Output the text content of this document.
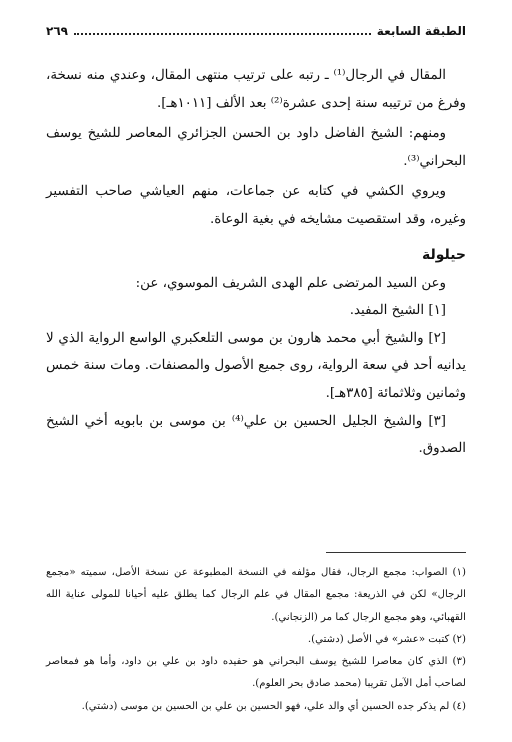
الطبقة السابعة
٢٦٩

المقال في الرجال⁽¹⁾ ـ رتبه على ترتيب منتهى المقال، وعندي منه نسخة، وفرغ من ترتيبه سنة إحدى عشرة⁽²⁾ بعد الألف [١٠١١هـ].

ومنهم: الشيخ الفاضل داود بن الحسن الجزائري المعاصر للشيخ يوسف البحراني⁽³⁾.

ويروي الكشي في كتابه عن جماعات، منهم العياشي صاحب التفسير وغيره، وقد استقصيت مشايخه في بغية الوعاة.

حيلولة

وعن السيد المرتضى علم الهدى الشريف الموسوي، عن:

[١] الشيخ المفيد.

[٢] والشيخ أبي محمد هارون بن موسى التلعكبري الواسع الرواية الذي لا يدانيه أحد في سعة الرواية، روى جميع الأصول والمصنفات. ومات سنة خمس وثمانين وثلاثمائة [٣٨٥هـ].

[٣] والشيخ الجليل الحسين بن علي⁽⁴⁾ بن موسى بن بابويه أخي الشيخ الصدوق.

(١) الصواب: مجمع الرجال، فقال مؤلفه في النسخة المطبوعة عن نسخة الأصل، سميته «مجمع الرجال» لكن في الذريعة: مجمع المقال في علم الرجال كما يطلق عليه أحيانا للمولى عناية الله القهبائي، وهو مجمع الرجال كما مر (الزنجاني).

(٢) كتبت «عشر» في الأصل (دشتي).

(٣) الذي كان معاصرا للشيخ يوسف البحراني هو حفيده داود بن علي بن داود، وأما هو فمعاصر لصاحب أمل الآمل تقريبا (محمد صادق بحر العلوم).

(٤) لم يذكر جده الحسين أي والد علي، فهو الحسين بن علي بن الحسين بن موسى (دشتي).
